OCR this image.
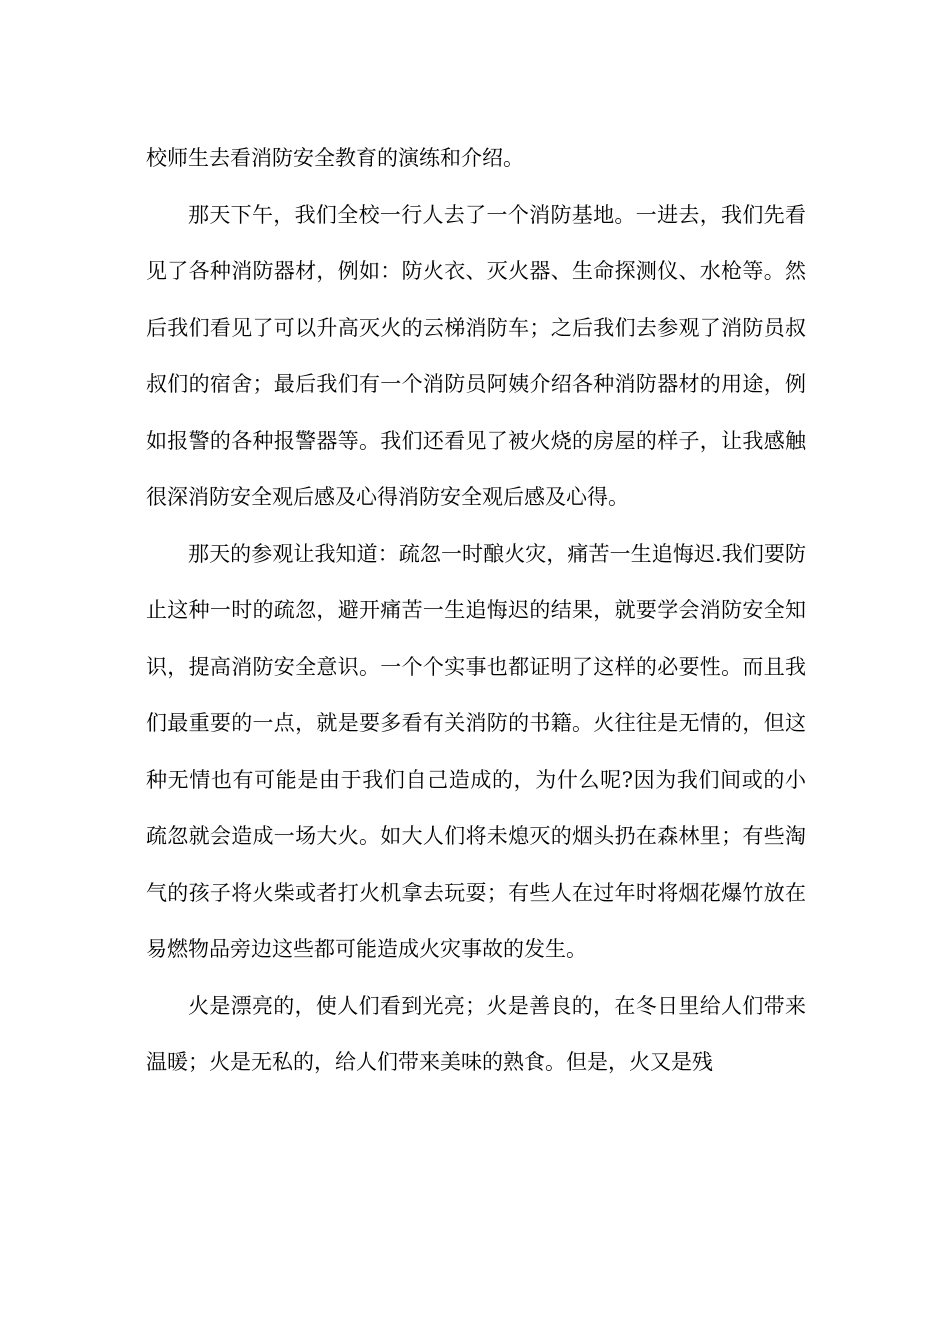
校师生去看消防安全教育的演练和介绍。

那天下午，我们全校一行人去了一个消防基地。一进去，我们先看见了各种消防器材，例如：防火衣、灭火器、生命探测仪、水枪等。然后我们看见了可以升高灭火的云梯消防车；之后我们去参观了消防员叔叔们的宿舍；最后我们有一个消防员阿姨介绍各种消防器材的用途，例如报警的各种报警器等。我们还看见了被火烧的房屋的样子，让我感触很深消防安全观后感及心得消防安全观后感及心得。

那天的参观让我知道：疏忽一时酿火灾，痛苦一生追悔迟.我们要防止这种一时的疏忽，避开痛苦一生追悔迟的结果，就要学会消防安全知识，提高消防安全意识。一个个实事也都证明了这样的必要性。而且我们最重要的一点，就是要多看有关消防的书籍。火往往是无情的，但这种无情也有可能是由于我们自己造成的，为什么呢?因为我们间或的小疏忽就会造成一场大火。如大人们将未熄灭的烟头扔在森林里；有些淘气的孩子将火柴或者打火机拿去玩耍；有些人在过年时将烟花爆竹放在易燃物品旁边这些都可能造成火灾事故的发生。

火是漂亮的，使人们看到光亮；火是善良的，在冬日里给人们带来温暖；火是无私的，给人们带来美味的熟食。但是，火又是残
